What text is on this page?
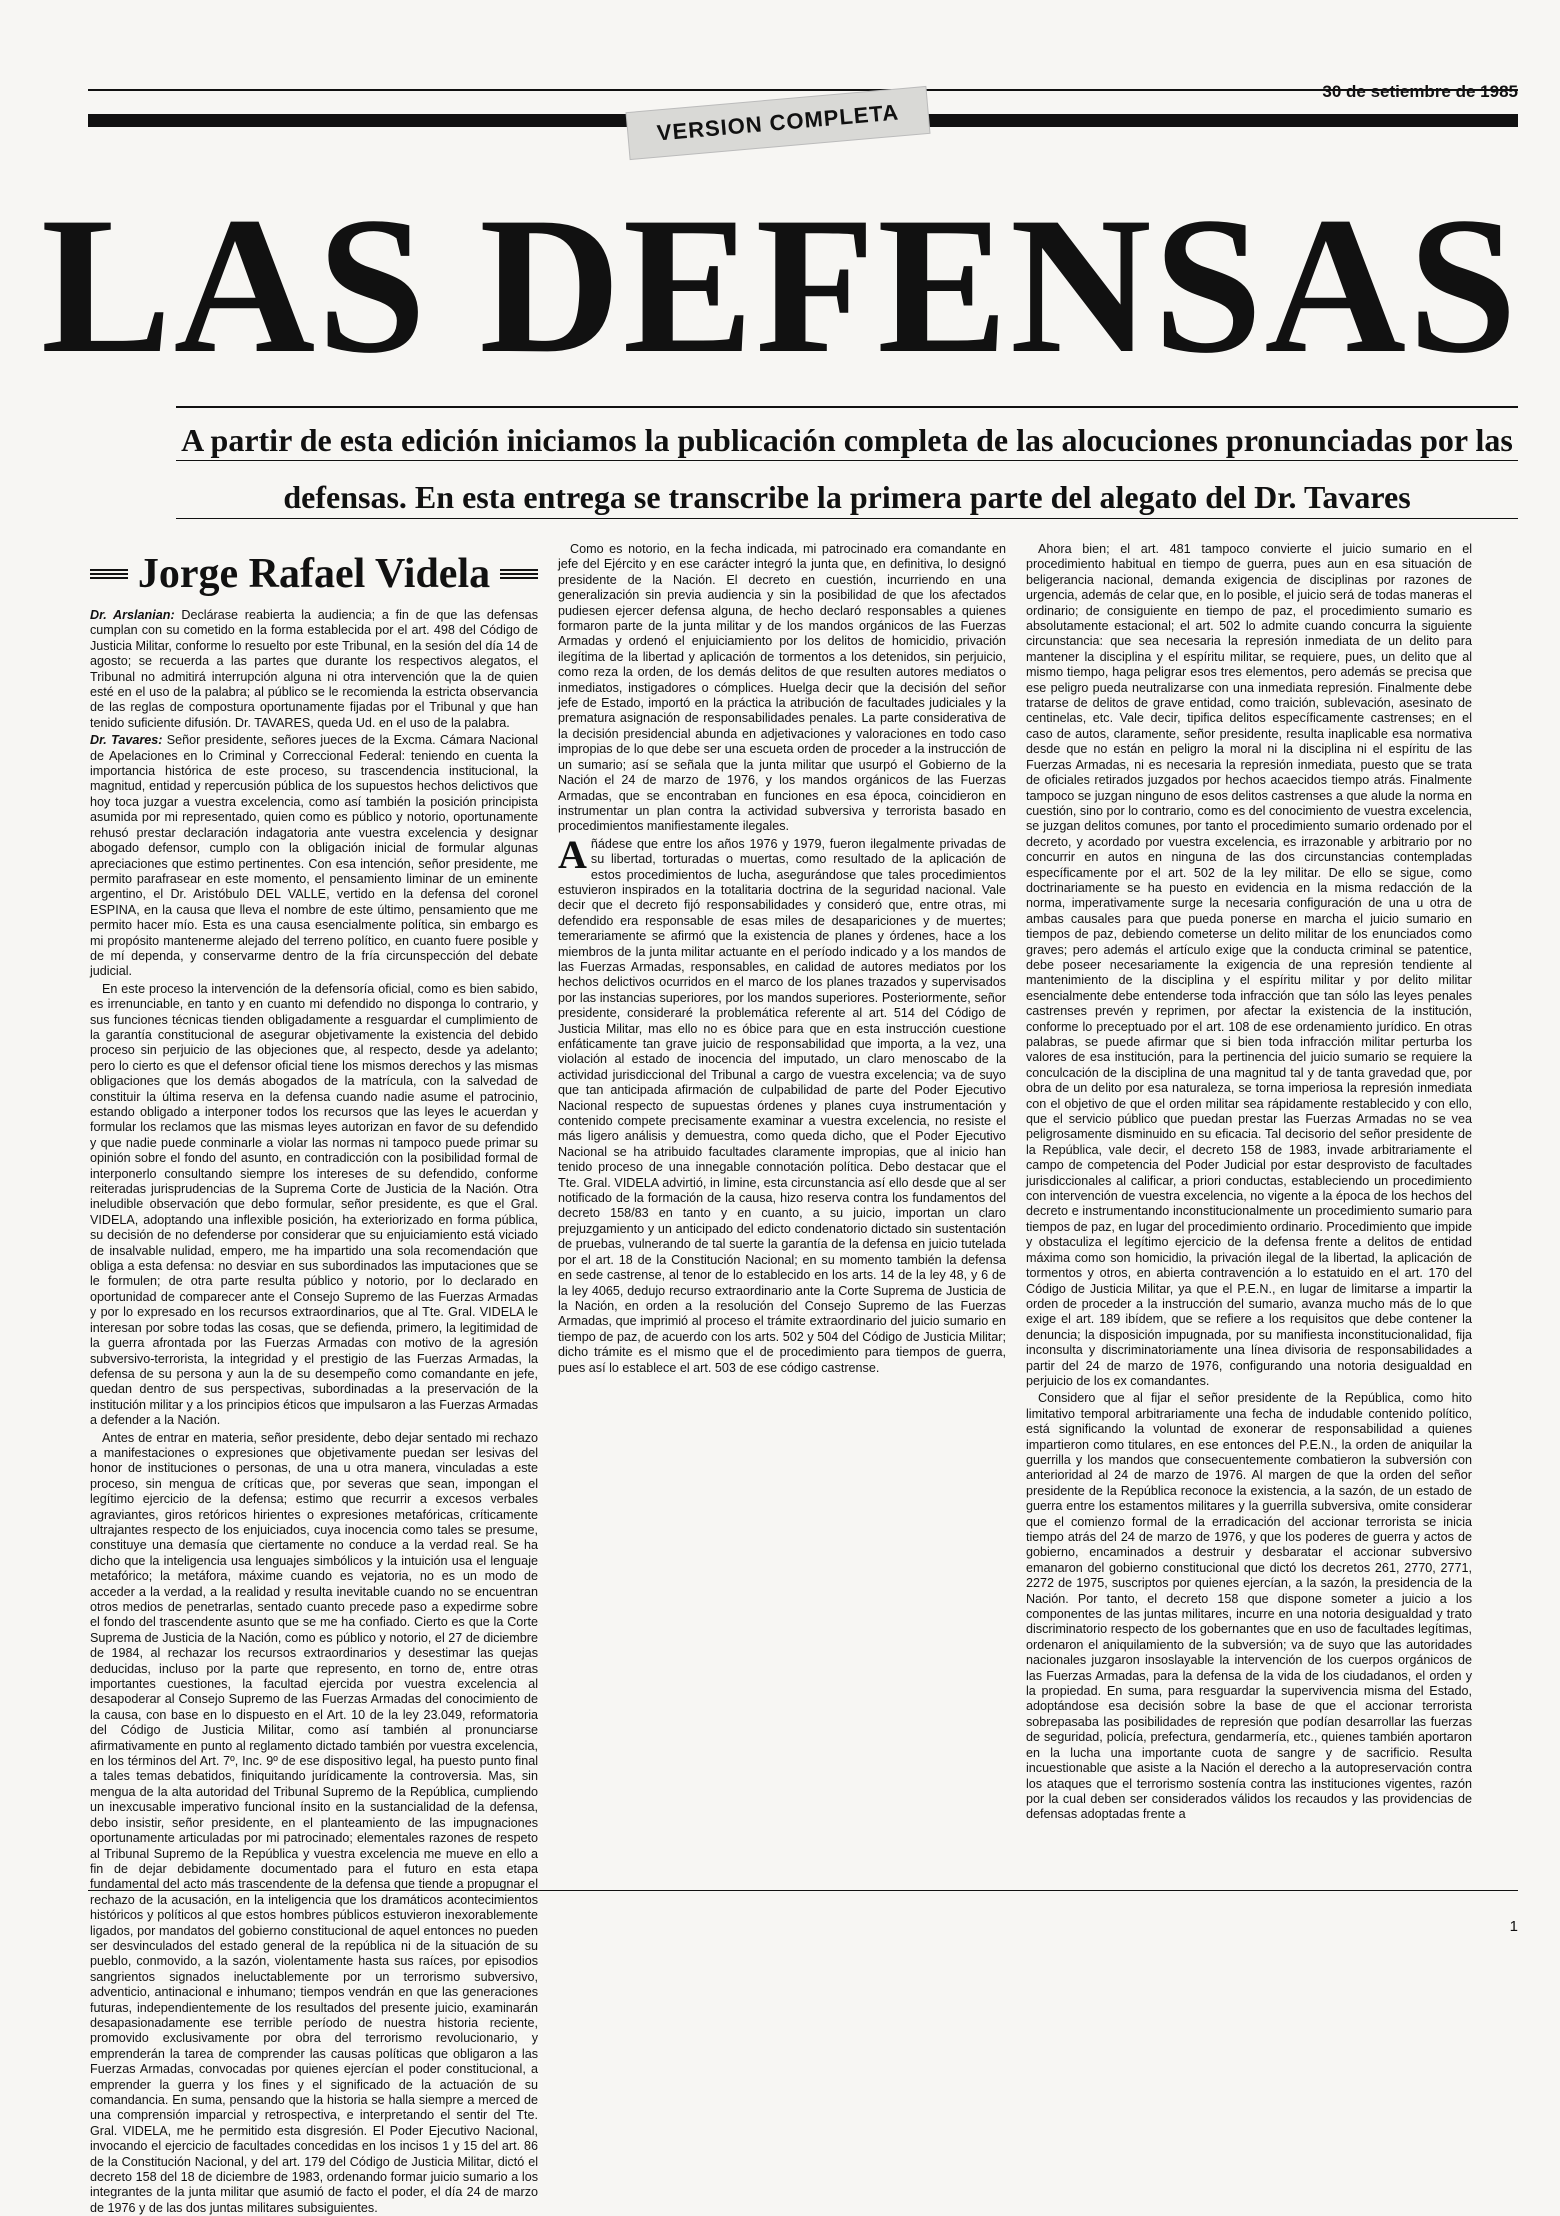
30 de setiembre de 1985
VERSION COMPLETA
LAS DEFENSAS

A partir de esta edición iniciamos la publicación completa de las alocuciones pronunciadas por las defensas. En esta entrega se transcribe la primera parte del alegato del Dr. Tavares

Jorge Rafael Videla

Dr. Arslanian: Declárase reabierta la audiencia; a fin de que las defensas cumplan con su cometido en la forma establecida por el art. 498 del Código de Justicia Militar, conforme lo resuelto por este Tribunal, en la sesión del día 14 de agosto; se recuerda a las partes que durante los respectivos alegatos, el Tribunal no admitirá interrupción alguna ni otra intervención que la de quien esté en el uso de la palabra; al público se le recomienda la estricta observancia de las reglas de compostura oportunamente fijadas por el Tribunal y que han tenido suficiente difusión. Dr. TAVARES, queda Ud. en el uso de la palabra.

Dr. Tavares: Señor presidente, señores jueces de la Excma. Cámara Nacional de Apelaciones en lo Criminal y Correccional Federal: teniendo en cuenta la importancia histórica de este proceso, su trascendencia institucional, la magnitud, entidad y repercusión pública de los supuestos hechos delictivos que hoy toca juzgar a vuestra excelencia, como así también la posición principista asumida por mi representado, quien como es público y notorio, oportunamente rehusó prestar declaración indagatoria ante vuestra excelencia y designar abogado defensor, cumplo con la obligación inicial de formular algunas apreciaciones que estimo pertinentes. Con esa intención, señor presidente, me permito parafrasear en este momento, el pensamiento liminar de un eminente argentino, el Dr. Aristóbulo DEL VALLE, vertido en la defensa del coronel ESPINA, en la causa que lleva el nombre de este último, pensamiento que me permito hacer mío. Esta es una causa esencialmente política, sin embargo es mi propósito mantenerme alejado del terreno político, en cuanto fuere posible y de mí dependa, y conservarme dentro de la fría circunspección del debate judicial.

En este proceso la intervención de la defensoría oficial, como es bien sabido, es irrenunciable, en tanto y en cuanto mi defendido no disponga lo contrario, y sus funciones técnicas tienden obligadamente a resguardar el cumplimiento de la garantía constitucional de asegurar objetivamente la existencia del debido proceso sin perjuicio de las objeciones que, al respecto, desde ya adelanto; pero lo cierto es que el defensor oficial tiene los mismos derechos y las mismas obligaciones que los demás abogados de la matrícula, con la salvedad de constituir la última reserva en la defensa cuando nadie asume el patrocinio, estando obligado a interponer todos los recursos que las leyes le acuerdan y formular los reclamos que las mismas leyes autorizan en favor de su defendido y que nadie puede conminarle a violar las normas ni tampoco puede primar su opinión sobre el fondo del asunto, en contradicción con la posibilidad formal de interponerlo consultando siempre los intereses de su defendido, conforme reiteradas jurisprudencias de la Suprema Corte de Justicia de la Nación. Otra ineludible observación que debo formular, señor presidente, es que el Gral. VIDELA, adoptando una inflexible posición, ha exteriorizado en forma pública, su decisión de no defenderse por considerar que su enjuiciamiento está viciado de insalvable nulidad, empero, me ha impartido una sola recomendación que obliga a esta defensa: no desviar en sus subordinados las imputaciones que se le formulen; de otra parte resulta público y notorio, por lo declarado en oportunidad de comparecer ante el Consejo Supremo de las Fuerzas Armadas y por lo expresado en los recursos extraordinarios, que al Tte. Gral. VIDELA le interesan por sobre todas las cosas, que se defienda, primero, la legitimidad de la guerra afrontada por las Fuerzas Armadas con motivo de la agresión subversivo-terrorista, la integridad y el prestigio de las Fuerzas Armadas, la defensa de su persona y aun la de su desempeño como comandante en jefe, quedan dentro de sus perspectivas, subordinadas a la preservación de la institución militar y a los principios éticos que impulsaron a las Fuerzas Armadas a defender a la Nación.

Antes de entrar en materia, señor presidente, debo dejar sentado mi rechazo a manifestaciones o expresiones que objetivamente puedan ser lesivas del honor de instituciones o personas, de una u otra manera, vinculadas a este proceso, sin mengua de críticas que, por severas que sean, impongan el legítimo ejercicio de la defensa; estimo que recurrir a excesos verbales agraviantes, giros retóricos hirientes o expresiones metafóricas, críticamente ultrajantes respecto de los enjuiciados, cuya inocencia como tales se presume, constituye una demasía que ciertamente no conduce a la verdad real. Se ha dicho que la inteligencia usa lenguajes simbólicos y la intuición usa el lenguaje metafórico; la metáfora, máxime cuando es vejatoria, no es un modo de acceder a la verdad, a la realidad y resulta inevitable cuando no se encuentran otros medios de penetrarlas, sentado cuanto precede paso a expedirme sobre el fondo del trascendente asunto que se me ha confiado. Cierto es que la Corte Suprema de Justicia de la Nación, como es público y notorio, el 27 de diciembre de 1984, al rechazar los recursos extraordinarios y desestimar las quejas deducidas, incluso por la parte que represento, en torno de, entre otras importantes cuestiones, la facultad ejercida por vuestra excelencia al desapoderar al Consejo Supremo de las Fuerzas Armadas del conocimiento de la causa, con base en lo dispuesto en el Art. 10 de la ley 23.049, reformatoria del Código de Justicia Militar, como así también al pronunciarse afirmativamente en punto al reglamento dictado también por vuestra excelencia, en los términos del Art. 7º, Inc. 9º de ese dispositivo legal, ha puesto punto final a tales temas debatidos, finiquitando jurídicamente la controversia. Mas, sin mengua de la alta autoridad del Tribunal Supremo de la República, cumpliendo un inexcusable imperativo funcional ínsito en la sustancialidad de la defensa, debo insistir, señor presidente, en el planteamiento de las impugnaciones oportunamente articuladas por mi patrocinado; elementales razones de respeto al Tribunal Supremo de la República y vuestra excelencia me mueve en ello a fin de dejar debidamente documentado para el futuro en esta etapa fundamental del acto más trascendente de la defensa que tiende a propugnar el rechazo de la acusación, en la inteligencia que los dramáticos acontecimientos históricos y políticos al que estos hombres públicos estuvieron inexorablemente ligados, por mandatos del gobierno constitucional de aquel entonces no pueden ser desvinculados del estado general de la república ni de la situación de su pueblo, conmovido, a la sazón, violentamente hasta sus raíces, por episodios sangrientos signados ineluctablemente por un terrorismo subversivo, adventicio, antinacional e inhumano; tiempos vendrán en que las generaciones futuras, independientemente de los resultados del presente juicio, examinarán desapasionadamente ese terrible período de nuestra historia reciente, promovido exclusivamente por obra del terrorismo revolucionario, y emprenderán la tarea de comprender las causas políticas que obligaron a las Fuerzas Armadas, convocadas por quienes ejercían el poder constitucional, a emprender la guerra y los fines y el significado de la actuación de su comandancia. En suma, pensando que la historia se halla siempre a merced de una comprensión imparcial y retrospectiva, e interpretando el sentir del Tte. Gral. VIDELA, me he permitido esta disgresión. El Poder Ejecutivo Nacional, invocando el ejercicio de facultades concedidas en los incisos 1 y 15 del art. 86 de la Constitución Nacional, y del art. 179 del Código de Justicia Militar, dictó el decreto 158 del 18 de diciembre de 1983, ordenando formar juicio sumario a los integrantes de la junta militar que asumió de facto el poder, el día 24 de marzo de 1976 y de las dos juntas militares subsiguientes.

Como es notorio, en la fecha indicada, mi patrocinado era comandante en jefe del Ejército y en ese carácter integró la junta que, en definitiva, lo designó presidente de la Nación. El decreto en cuestión, incurriendo en una generalización sin previa audiencia y sin la posibilidad de que los afectados pudiesen ejercer defensa alguna, de hecho declaró responsables a quienes formaron parte de la junta militar y de los mandos orgánicos de las Fuerzas Armadas y ordenó el enjuiciamiento por los delitos de homicidio, privación ilegítima de la libertad y aplicación de tormentos a los detenidos, sin perjuicio, como reza la orden, de los demás delitos de que resulten autores mediatos o inmediatos, instigadores o cómplices. Huelga decir que la decisión del señor jefe de Estado, importó en la práctica la atribución de facultades judiciales y la prematura asignación de responsabilidades penales. La parte considerativa de la decisión presidencial abunda en adjetivaciones y valoraciones en todo caso impropias de lo que debe ser una escueta orden de proceder a la instrucción de un sumario; así se señala que la junta militar que usurpó el Gobierno de la Nación el 24 de marzo de 1976, y los mandos orgánicos de las Fuerzas Armadas, que se encontraban en funciones en esa época, coincidieron en instrumentar un plan contra la actividad subversiva y terrorista basado en procedimientos manifiestamente ilegales.

Añádese que entre los años 1976 y 1979, fueron ilegalmente privadas de su libertad, torturadas o muertas, como resultado de la aplicación de estos procedimientos de lucha, asegurándose que tales procedimientos estuvieron inspirados en la totalitaria doctrina de la seguridad nacional. Vale decir que el decreto fijó responsabilidades y consideró que, entre otras, mi defendido era responsable de esas miles de desapariciones y de muertes; temerariamente se afirmó que la existencia de planes y órdenes, hace a los miembros de la junta militar actuante en el período indicado y a los mandos de las Fuerzas Armadas, responsables, en calidad de autores mediatos por los hechos delictivos ocurridos en el marco de los planes trazados y supervisados por las instancias superiores, por los mandos superiores. Posteriormente, señor presidente, consideraré la problemática referente al art. 514 del Código de Justicia Militar, mas ello no es óbice para que en esta instrucción cuestione enfáticamente tan grave juicio de responsabilidad que importa, a la vez, una violación al estado de inocencia del imputado, un claro menoscabo de la actividad jurisdiccional del Tribunal a cargo de vuestra excelencia; va de suyo que tan anticipada afirmación de culpabilidad de parte del Poder Ejecutivo Nacional respecto de supuestas órdenes y planes cuya instrumentación y contenido compete precisamente examinar a vuestra excelencia, no resiste el más ligero análisis y demuestra, como queda dicho, que el Poder Ejecutivo Nacional se ha atribuido facultades claramente impropias, que al inicio han tenido proceso de una innegable connotación política. Debo destacar que el Tte. Gral. VIDELA advirtió, in limine, esta circunstancia así ello desde que al ser notificado de la formación de la causa, hizo reserva contra los fundamentos del decreto 158/83 en tanto y en cuanto, a su juicio, importan un claro prejuzgamiento y un anticipado del edicto condenatorio dictado sin sustentación de pruebas, vulnerando de tal suerte la garantía de la defensa en juicio tutelada por el art. 18 de la Constitución Nacional; en su momento también la defensa en sede castrense, al tenor de lo establecido en los arts. 14 de la ley 48, y 6 de la ley 4065, dedujo recurso extraordinario ante la Corte Suprema de Justicia de la Nación, en orden a la resolución del Consejo Supremo de las Fuerzas Armadas, que imprimió al proceso el trámite extraordinario del juicio sumario en tiempo de paz, de acuerdo con los arts. 502 y 504 del Código de Justicia Militar; dicho trámite es el mismo que el de procedimiento para tiempos de guerra, pues así lo establece el art. 503 de ese código castrense.

Ahora bien; el art. 481 tampoco convierte el juicio sumario en el procedimiento habitual en tiempo de guerra, pues aun en esa situación de beligerancia nacional, demanda exigencia de disciplinas por razones de urgencia, además de celar que, en lo posible, el juicio será de todas maneras el ordinario; de consiguiente en tiempo de paz, el procedimiento sumario es absolutamente estacional; el art. 502 lo admite cuando concurra la siguiente circunstancia: que sea necesaria la represión inmediata de un delito para mantener la disciplina y el espíritu militar, se requiere, pues, un delito que al mismo tiempo, haga peligrar esos tres elementos, pero además se precisa que ese peligro pueda neutralizarse con una inmediata represión. Finalmente debe tratarse de delitos de grave entidad, como traición, sublevación, asesinato de centinelas, etc. Vale decir, tipifica delitos específicamente castrenses; en el caso de autos, claramente, señor presidente, resulta inaplicable esa normativa desde que no están en peligro la moral ni la disciplina ni el espíritu de las Fuerzas Armadas, ni es necesaria la represión inmediata, puesto que se trata de oficiales retirados juzgados por hechos acaecidos tiempo atrás. Finalmente tampoco se juzgan ninguno de esos delitos castrenses a que alude la norma en cuestión, sino por lo contrario, como es del conocimiento de vuestra excelencia, se juzgan delitos comunes, por tanto el procedimiento sumario ordenado por el decreto, y acordado por vuestra excelencia, es irrazonable y arbitrario por no concurrir en autos en ninguna de las dos circunstancias contempladas específicamente por el art. 502 de la ley militar. De ello se sigue, como doctrinariamente se ha puesto en evidencia en la misma redacción de la norma, imperativamente surge la necesaria configuración de una u otra de ambas causales para que pueda ponerse en marcha el juicio sumario en tiempos de paz, debiendo cometerse un delito militar de los enunciados como graves; pero además el artículo exige que la conducta criminal se patentice, debe poseer necesariamente la exigencia de una represión tendiente al mantenimiento de la disciplina y el espíritu militar y por delito militar esencialmente debe entenderse toda infracción que tan sólo las leyes penales castrenses prevén y reprimen, por afectar la existencia de la institución, conforme lo preceptuado por el art. 108 de ese ordenamiento jurídico. En otras palabras, se puede afirmar que si bien toda infracción militar perturba los valores de esa institución, para la pertinencia del juicio sumario se requiere la conculcación de la disciplina de una magnitud tal y de tanta gravedad que, por obra de un delito por esa naturaleza, se torna imperiosa la represión inmediata con el objetivo de que el orden militar sea rápidamente restablecido y con ello, que el servicio público que puedan prestar las Fuerzas Armadas no se vea peligrosamente disminuido en su eficacia. Tal decisorio del señor presidente de la República, vale decir, el decreto 158 de 1983, invade arbitrariamente el campo de competencia del Poder Judicial por estar desprovisto de facultades jurisdiccionales al calificar, a priori conductas, estableciendo un procedimiento con intervención de vuestra excelencia, no vigente a la época de los hechos del decreto e instrumentando inconstitucionalmente un procedimiento sumario para tiempos de paz, en lugar del procedimiento ordinario. Procedimiento que impide y obstaculiza el legítimo ejercicio de la defensa frente a delitos de entidad máxima como son homicidio, la privación ilegal de la libertad, la aplicación de tormentos y otros, en abierta contravención a lo estatuido en el art. 170 del Código de Justicia Militar, ya que el P.E.N., en lugar de limitarse a impartir la orden de proceder a la instrucción del sumario, avanza mucho más de lo que exige el art. 189 ibídem, que se refiere a los requisitos que debe contener la denuncia; la disposición impugnada, por su manifiesta inconstitucionalidad, fija inconsulta y discriminatoriamente una línea divisoria de responsabilidades a partir del 24 de marzo de 1976, configurando una notoria desigualdad en perjuicio de los ex comandantes.

Considero que al fijar el señor presidente de la República, como hito limitativo temporal arbitrariamente una fecha de indudable contenido político, está significando la voluntad de exonerar de responsabilidad a quienes impartieron como titulares, en ese entonces del P.E.N., la orden de aniquilar la guerrilla y los mandos que consecuentemente combatieron la subversión con anterioridad al 24 de marzo de 1976. Al margen de que la orden del señor presidente de la República reconoce la existencia, a la sazón, de un estado de guerra entre los estamentos militares y la guerrilla subversiva, omite considerar que el comienzo formal de la erradicación del accionar terrorista se inicia tiempo atrás del 24 de marzo de 1976, y que los poderes de guerra y actos de gobierno, encaminados a destruir y desbaratar el accionar subversivo emanaron del gobierno constitucional que dictó los decretos 261, 2770, 2771, 2272 de 1975, suscriptos por quienes ejercían, a la sazón, la presidencia de la Nación. Por tanto, el decreto 158 que dispone someter a juicio a los componentes de las juntas militares, incurre en una notoria desigualdad y trato discriminatorio respecto de los gobernantes que en uso de facultades legítimas, ordenaron el aniquilamiento de la subversión; va de suyo que las autoridades nacionales juzgaron insoslayable la intervención de los cuerpos orgánicos de las Fuerzas Armadas, para la defensa de la vida de los ciudadanos, el orden y la propiedad. En suma, para resguardar la supervivencia misma del Estado, adoptándose esa decisión sobre la base de que el accionar terrorista sobrepasaba las posibilidades de represión que podían desarrollar las fuerzas de seguridad, policía, prefectura, gendarmería, etc., quienes también aportaron en la lucha una importante cuota de sangre y de sacrificio. Resulta incuestionable que asiste a la Nación el derecho a la autopreservación contra los ataques que el terrorismo sostenía contra las instituciones vigentes, razón por la cual deben ser considerados válidos los recaudos y las providencias de defensas adoptadas frente a

1
